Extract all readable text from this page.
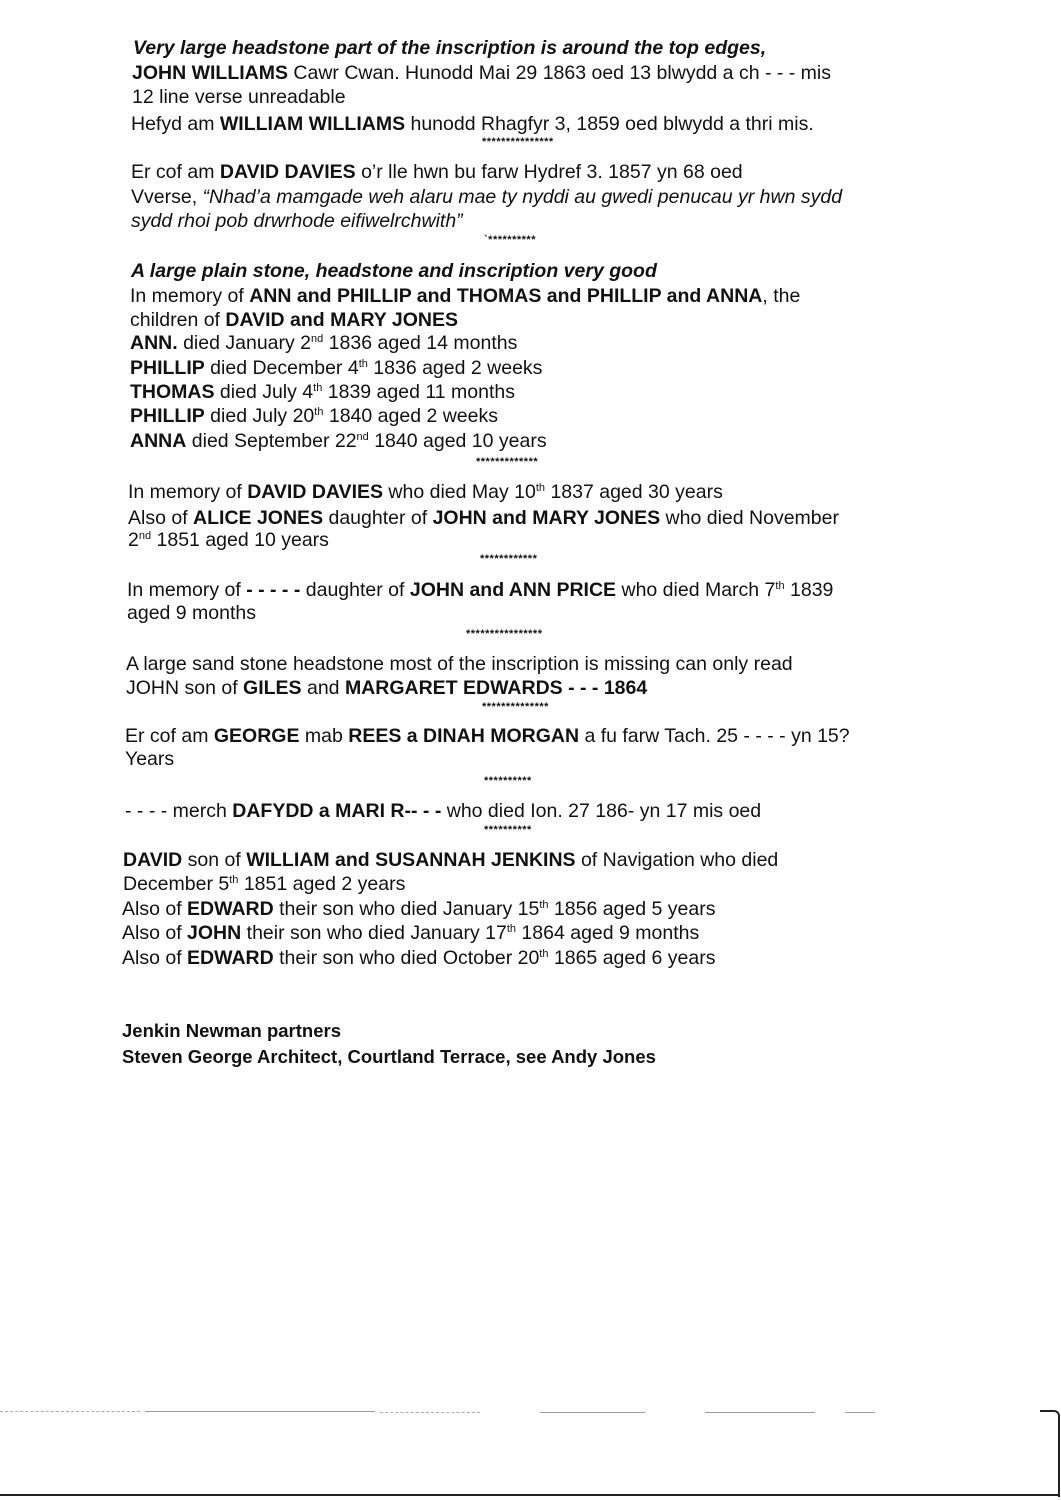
Very large headstone part of the inscription is around the top edges,
JOHN WILLIAMS Cawr Cwan. Hunodd Mai 29 1863 oed 13 blwydd a ch - - - mis
12 line verse unreadable
Hefyd am WILLIAM WILLIAMS hunodd Rhagfyr 3, 1859 oed blwydd a thri mis.
***************
Er cof am DAVID DAVIES o’r lle hwn bu farw Hydref 3. 1857 yn 68 oed
Vverse, “Nhad’a mamgade weh alaru mae ty nyddi au gwedi penucau yr hwn sydd
sydd rhoi pob drwrhode eifiwelrchwith”
`**********
A large plain stone, headstone and inscription very good
In memory of ANN and PHILLIP and THOMAS and PHILLIP and ANNA, the
children of DAVID and MARY JONES
ANN. died January 2nd 1836 aged 14 months
PHILLIP died December 4th 1836 aged 2 weeks
THOMAS died July 4th 1839 aged 11 months
PHILLIP died July 20th 1840 aged 2 weeks
ANNA died September 22nd 1840 aged 10 years
*************
In memory of DAVID DAVIES who died May 10th 1837 aged 30 years
Also of ALICE JONES daughter of JOHN and MARY JONES who died November
2nd 1851 aged 10 years
************
In memory of - - - - - daughter of JOHN and ANN PRICE who died March 7th 1839
aged 9 months
****************
A large sand stone headstone most of the inscription is missing can only read
JOHN son of GILES and MARGARET EDWARDS - - - 1864
**************
Er cof am GEORGE mab REES a DINAH MORGAN a fu farw Tach. 25 - - - - yn 15?
Years
**********
- - - - merch DAFYDD a MARI R-- - - who died Ion. 27 186- yn 17 mis oed
**********
DAVID son of WILLIAM and SUSANNAH JENKINS of Navigation who died
December 5th 1851 aged 2 years
Also of EDWARD their son who died January 15th 1856 aged 5 years
Also of JOHN their son who died January 17th 1864 aged 9 months
Also of EDWARD their son who died October 20th 1865 aged 6 years
Jenkin Newman partners
Steven George Architect, Courtland Terrace, see Andy Jones
